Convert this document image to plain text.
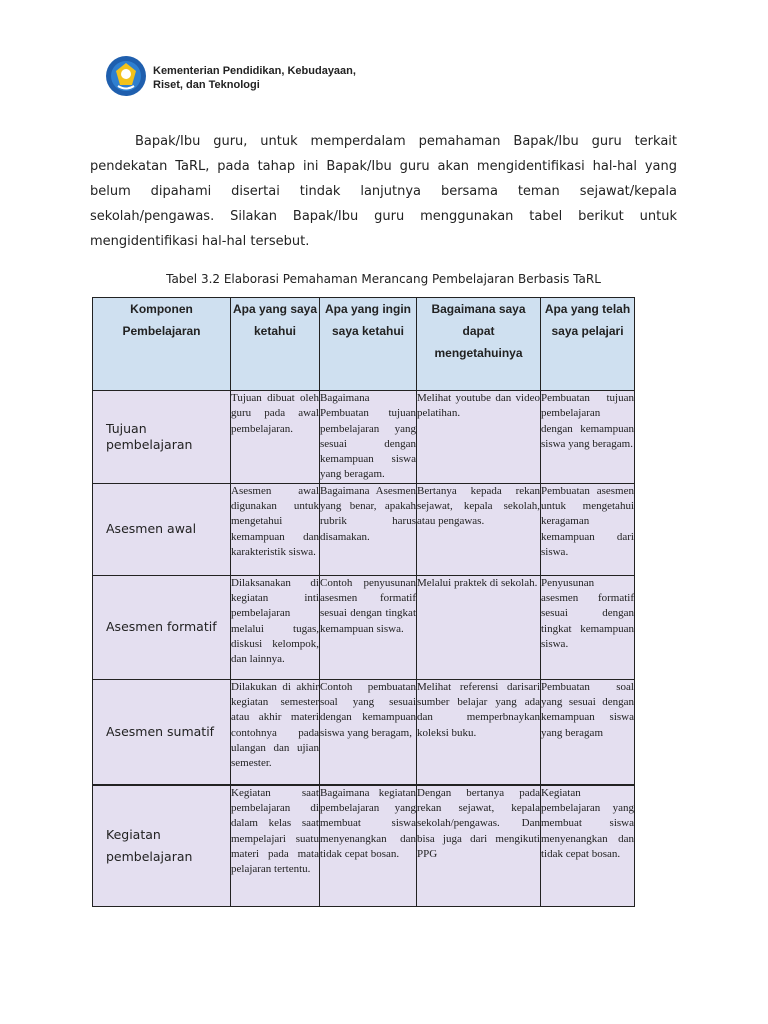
Kementerian Pendidikan, Kebudayaan,
Riset, dan Teknologi
Bapak/Ibu guru, untuk memperdalam pemahaman Bapak/Ibu guru terkait pendekatan TaRL, pada tahap ini Bapak/Ibu guru akan mengidentifikasi hal-hal yang belum dipahami disertai tindak lanjutnya bersama teman sejawat/kepala sekolah/pengawas. Silakan Bapak/Ibu guru menggunakan tabel berikut untuk mengidentifikasi hal-hal tersebut.
Tabel 3.2 Elaborasi Pemahaman Merancang Pembelajaran Berbasis TaRL
Komponen Pembelajaran	Apa yang saya ketahui	Apa yang ingin saya ketahui	Bagaimana saya dapat mengetahuinya	Apa yang telah saya pelajari
Tujuan pembelajaran	Tujuan dibuat oleh guru pada awal pembelajaran.	Bagaimana Pembuatan tujuan pembelajaran yang sesuai dengan kemampuan siswa yang beragam.	Melihat youtube dan video pelatihan.	Pembuatan tujuan pembelajaran dengan kemampuan siswa yang beragam.
Asesmen awal	Asesmen awal digunakan untuk mengetahui kemampuan dan karakteristik siswa.	Bagaimana Asesmen yang benar, apakah rubrik harus disamakan.	Bertanya kepada rekan sejawat, kepala sekolah, atau pengawas.	Pembuatan asesmen untuk mengetahui keragaman kemampuan dari siswa.
Asesmen formatif	Dilaksanakan di kegiatan inti pembelajaran melalui tugas, diskusi kelompok, dan lainnya.	Contoh penyusunan asesmen formatif sesuai dengan tingkat kemampuan siswa.	Melalui praktek di sekolah.	Penyusunan asesmen formatif sesuai dengan tingkat kemampuan siswa.
Asesmen sumatif	Dilakukan di akhir kegiatan semester atau akhir materi contohnya pada ulangan dan ujian semester.	Contoh pembuatan soal yang sesuai dengan kemampuan siswa yang beragam,	Melihat referensi darisari sumber belajar yang ada dan memperbnaykan koleksi buku.	Pembuatan soal yang sesuai dengan kemampuan siswa yang beragam
Kegiatan pembelajaran	Kegiatan saat pembelajaran di dalam kelas saat mempelajari suatu materi pada mata pelajaran tertentu.	Bagaimana kegiatan pembelajaran yang membuat siswa menyenangkan dan tidak cepat bosan.	Dengan bertanya pada rekan sejawat, kepala sekolah/pengawas. Dan bisa juga dari mengikuti PPG	Kegiatan pembelajaran yang membuat siswa menyenangkan dan tidak cepat bosan.
